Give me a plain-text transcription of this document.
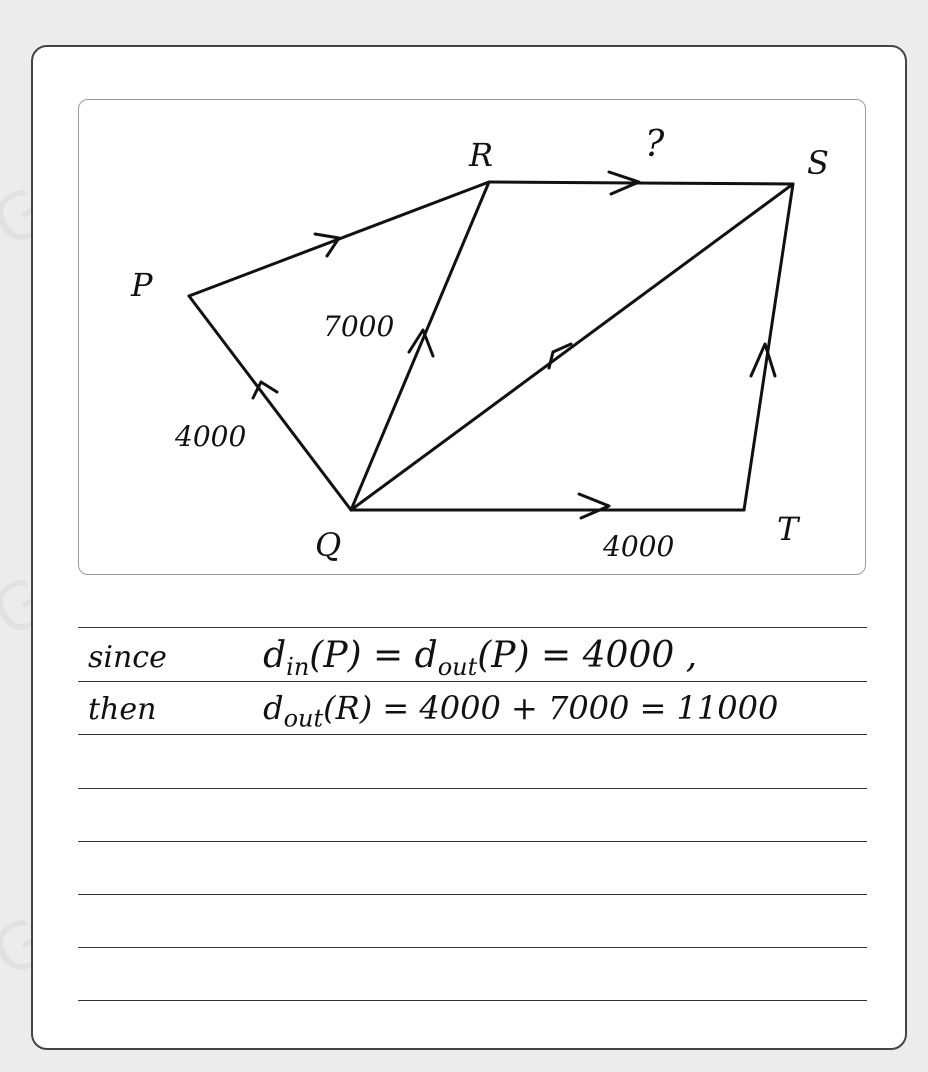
P
R	S
Q	T
?
4000
7000
4000
since	$d_{in}(P) = d_{out}(P) = 4000$ ,
then	$d_{out}(R) = 4000 + 7000 = 11000$
